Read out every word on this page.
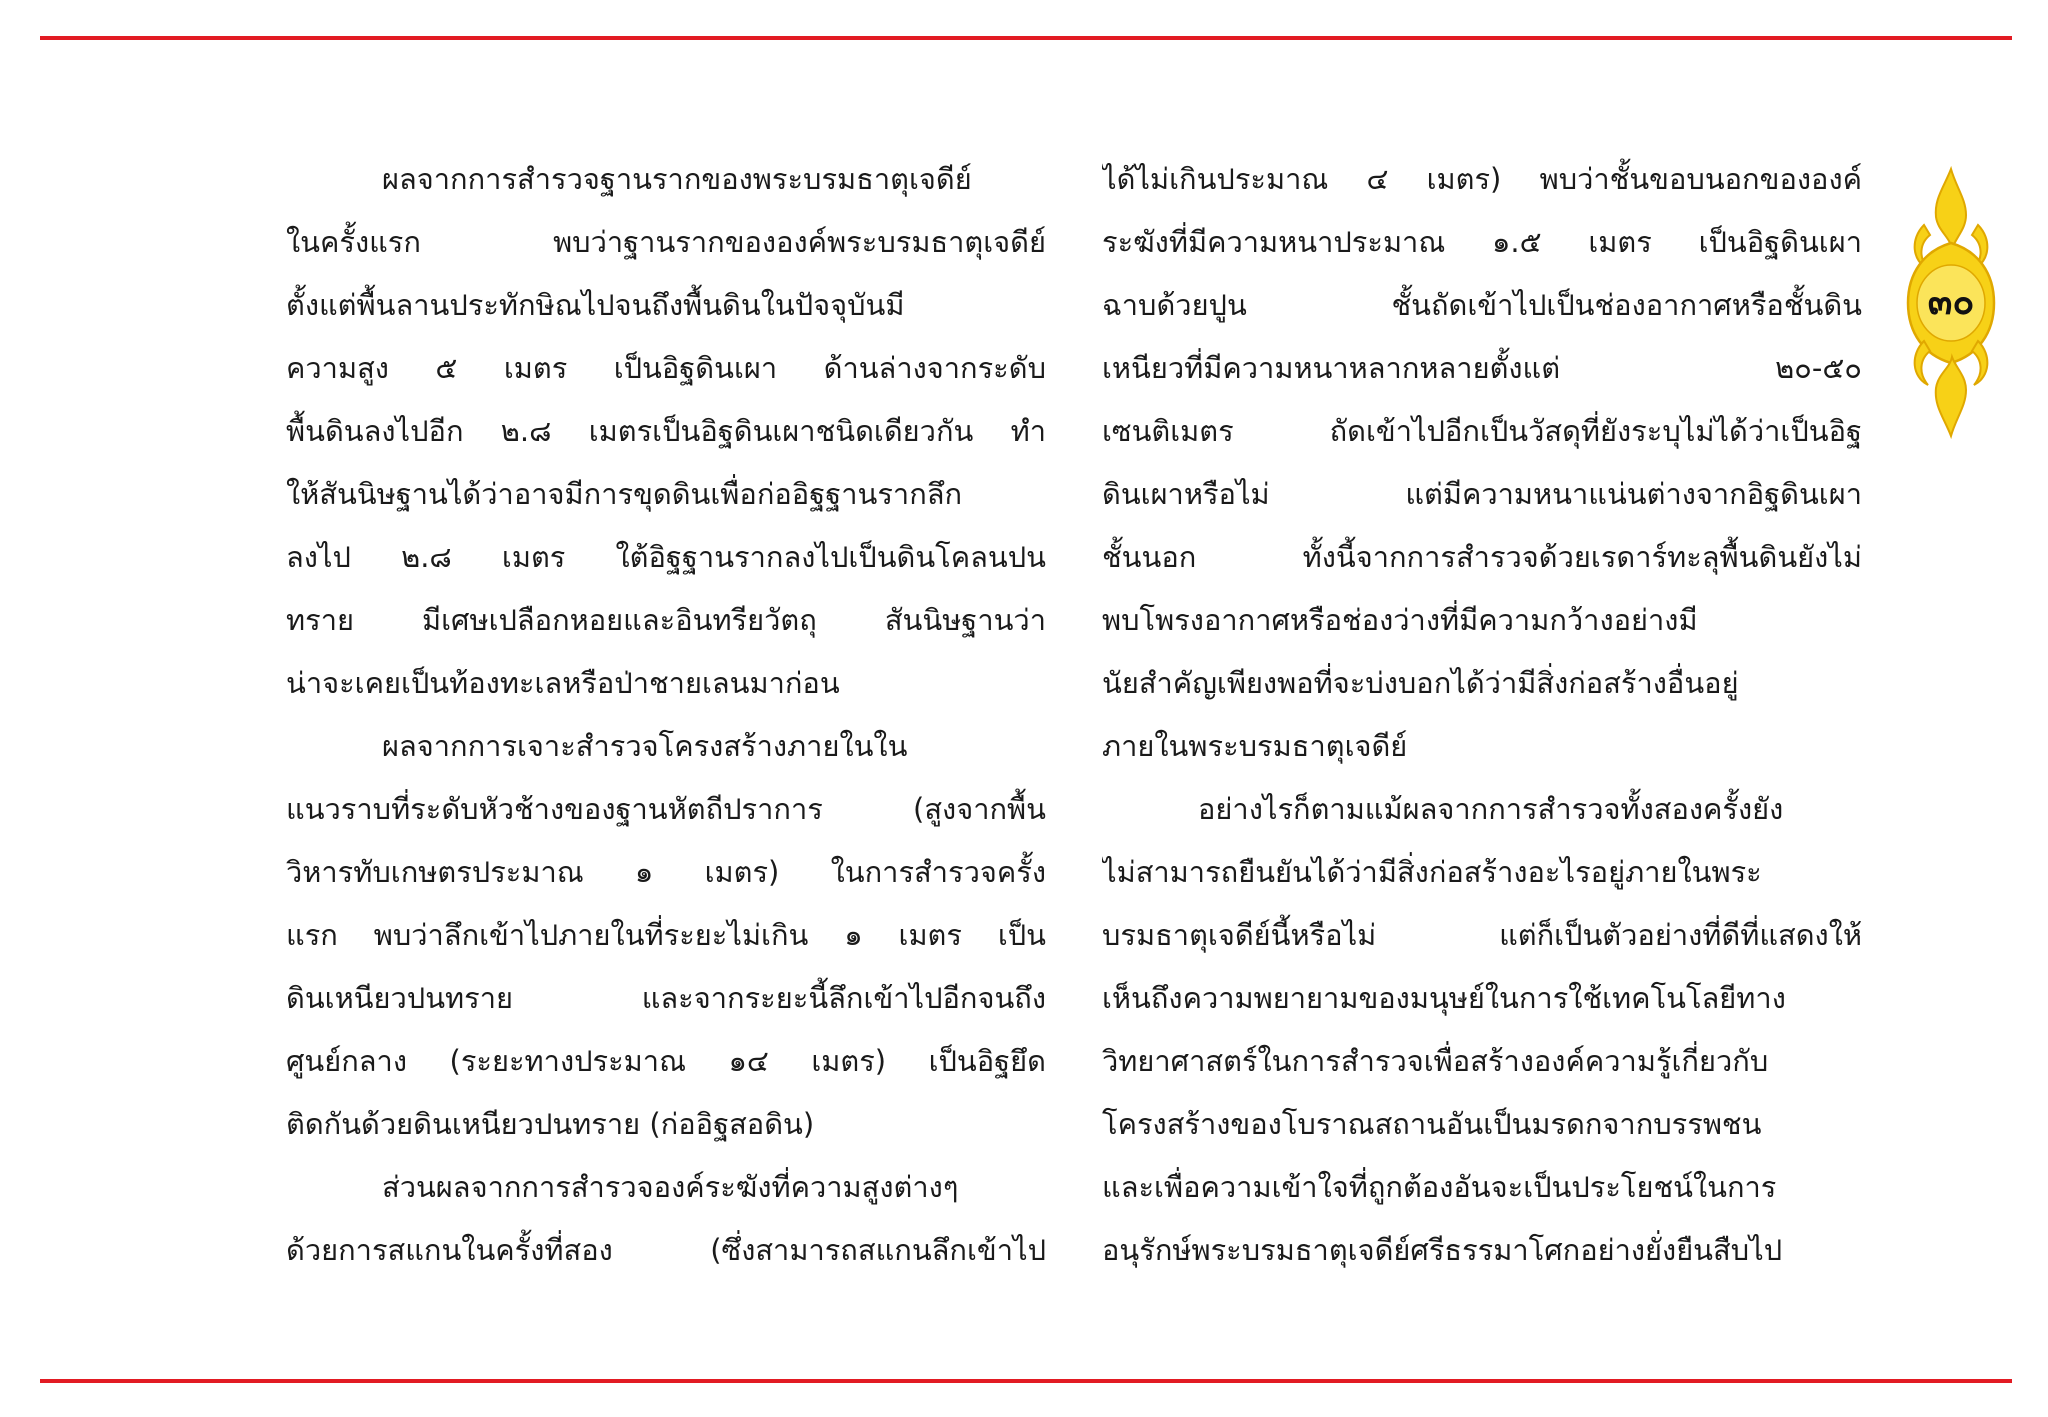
ผลจากการสำรวจฐานรากของพระบรมธาตุเจดีย์
ในครั้งแรก พบว่าฐานรากขององค์พระบรมธาตุเจดีย์
ตั้งแต่พื้นลานประทักษิณไปจนถึงพื้นดินในปัจจุบันมี
ความสูง ๕ เมตร เป็นอิฐดินเผา ด้านล่างจากระดับ
พื้นดินลงไปอีก ๒.๘ เมตรเป็นอิฐดินเผาชนิดเดียวกัน ทำ
ให้สันนิษฐานได้ว่าอาจมีการขุดดินเพื่อก่ออิฐฐานรากลึก
ลงไป ๒.๘ เมตร ใต้อิฐฐานรากลงไปเป็นดินโคลนปน
ทราย มีเศษเปลือกหอยและอินทรียวัตถุ สันนิษฐานว่า
น่าจะเคยเป็นท้องทะเลหรือป่าชายเลนมาก่อน
ผลจากการเจาะสำรวจโครงสร้างภายในใน
แนวราบที่ระดับหัวช้างของฐานหัตถีปราการ (สูงจากพื้น
วิหารทับเกษตรประมาณ ๑ เมตร) ในการสำรวจครั้ง
แรก พบว่าลึกเข้าไปภายในที่ระยะไม่เกิน ๑ เมตร เป็น
ดินเหนียวปนทราย และจากระยะนี้ลึกเข้าไปอีกจนถึง
ศูนย์กลาง (ระยะทางประมาณ ๑๔ เมตร) เป็นอิฐยึด
ติดกันด้วยดินเหนียวปนทราย (ก่ออิฐสอดิน)
ส่วนผลจากการสำรวจองค์ระฆังที่ความสูงต่างๆ
ด้วยการสแกนในครั้งที่สอง (ซึ่งสามารถสแกนลึกเข้าไป
ได้ไม่เกินประมาณ ๔ เมตร) พบว่าชั้นขอบนอกขององค์
ระฆังที่มีความหนาประมาณ ๑.๕ เมตร เป็นอิฐดินเผา
ฉาบด้วยปูน ชั้นถัดเข้าไปเป็นช่องอากาศหรือชั้นดิน
เหนียวที่มีความหนาหลากหลายตั้งแต่ ๒๐-๕๐
เซนติเมตร ถัดเข้าไปอีกเป็นวัสดุที่ยังระบุไม่ได้ว่าเป็นอิฐ
ดินเผาหรือไม่ แต่มีความหนาแน่นต่างจากอิฐดินเผา
ชั้นนอก ทั้งนี้จากการสำรวจด้วยเรดาร์ทะลุพื้นดินยังไม่
พบโพรงอากาศหรือช่องว่างที่มีความกว้างอย่างมี
นัยสำคัญเพียงพอที่จะบ่งบอกได้ว่ามีสิ่งก่อสร้างอื่นอยู่
ภายในพระบรมธาตุเจดีย์
อย่างไรก็ตามแม้ผลจากการสำรวจทั้งสองครั้งยัง
ไม่สามารถยืนยันได้ว่ามีสิ่งก่อสร้างอะไรอยู่ภายในพระ
บรมธาตุเจดีย์นี้หรือไม่ แต่ก็เป็นตัวอย่างที่ดีที่แสดงให้
เห็นถึงความพยายามของมนุษย์ในการใช้เทคโนโลยีทาง
วิทยาศาสตร์ในการสำรวจเพื่อสร้างองค์ความรู้เกี่ยวกับ
โครงสร้างของโบราณสถานอันเป็นมรดกจากบรรพชน
และเพื่อความเข้าใจที่ถูกต้องอันจะเป็นประโยชน์ในการ
อนุรักษ์พระบรมธาตุเจดีย์ศรีธรรมาโศกอย่างยั่งยืนสืบไป
๓๐
